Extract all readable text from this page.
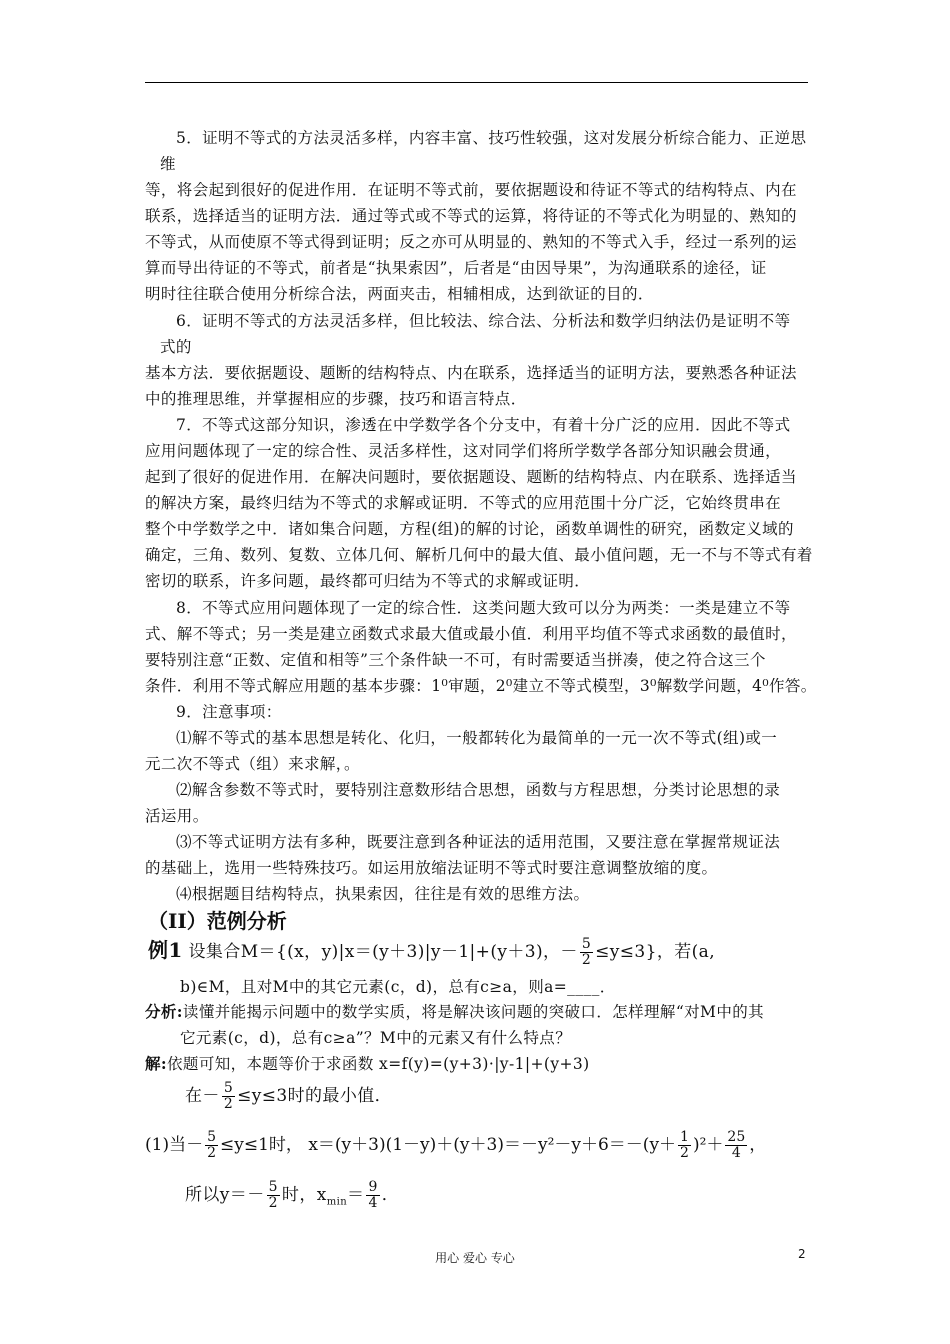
5．证明不等式的方法灵活多样，内容丰富、技巧性较强，这对发展分析综合能力、正逆思
维
等，将会起到很好的促进作用．在证明不等式前，要依据题设和待证不等式的结构特点、内在
联系，选择适当的证明方法．通过等式或不等式的运算，将待证的不等式化为明显的、熟知的
不等式，从而使原不等式得到证明；反之亦可从明显的、熟知的不等式入手，经过一系列的运
算而导出待证的不等式，前者是“执果索因”，后者是“由因导果”，为沟通联系的途径，证
明时往往联合使用分析综合法，两面夹击，相辅相成，达到欲证的目的．
6．证明不等式的方法灵活多样，但比较法、综合法、分析法和数学归纳法仍是证明不等
式的
基本方法．要依据题设、题断的结构特点、内在联系，选择适当的证明方法，要熟悉各种证法
中的推理思维，并掌握相应的步骤，技巧和语言特点．
7．不等式这部分知识，渗透在中学数学各个分支中，有着十分广泛的应用．因此不等式
应用问题体现了一定的综合性、灵活多样性，这对同学们将所学数学各部分知识融会贯通，
起到了很好的促进作用．在解决问题时，要依据题设、题断的结构特点、内在联系、选择适当
的解决方案，最终归结为不等式的求解或证明．不等式的应用范围十分广泛，它始终贯串在
整个中学数学之中．诸如集合问题，方程(组)的解的讨论，函数单调性的研究，函数定义域的
确定，三角、数列、复数、立体几何、解析几何中的最大值、最小值问题，无一不与不等式有着
密切的联系，许多问题，最终都可归结为不等式的求解或证明．
8．不等式应用问题体现了一定的综合性．这类问题大致可以分为两类：一类是建立不等
式、解不等式；另一类是建立函数式求最大值或最小值．利用平均值不等式求函数的最值时，
要特别注意“正数、定值和相等”三个条件缺一不可，有时需要适当拼凑，使之符合这三个
条件．利用不等式解应用题的基本步骤：1⁰审题，2⁰建立不等式模型，3⁰解数学问题，4⁰作答。
9．注意事项：
⑴解不等式的基本思想是转化、化归，一般都转化为最简单的一元一次不等式(组)或一
元二次不等式（组）来求解，。
⑵解含参数不等式时，要特别注意数形结合思想，函数与方程思想，分类讨论思想的录
活运用。
⑶不等式证明方法有多种，既要注意到各种证法的适用范围，又要注意在掌握常规证法
的基础上，选用一些特殊技巧。如运用放缩法证明不等式时要注意调整放缩的度。
⑷根据题目结构特点，执果索因，往往是有效的思维方法。
（II）范例分析
例1 设集合M＝{(x，y)|x＝(y＋3)|y－1|+(y＋3)，－ $\frac{5}{2} \le y\le 3$}，若(a,
b)∈M，且对M中的其它元素(c，d)，总有c≥a，则a=____．
分析:读懂并能揭示问题中的数学实质，将是解决该问题的突破口．怎样理解“对M中的其
它元素(c，d)，总有c≥a”？M中的元素又有什么特点？
解:依题可知，本题等价于求函数 x=f(y)=(y+3)·|y-1|+(y+3)
在－ $\frac{5}{2} \le y\le 3$时的最小值．
(1)当－ $\frac{5}{2} \le y\le 1$时， $x=(y+3)(1-y)+(y+3)=-y^2-y+6=-(y+ \frac{1}{2} )^2+ \frac{25}{4}$ ，
所以$y=- \frac{5}{2}$ 时，$x_{min}= \frac{9}{4}$ ．
用心 爱心 专心	2
